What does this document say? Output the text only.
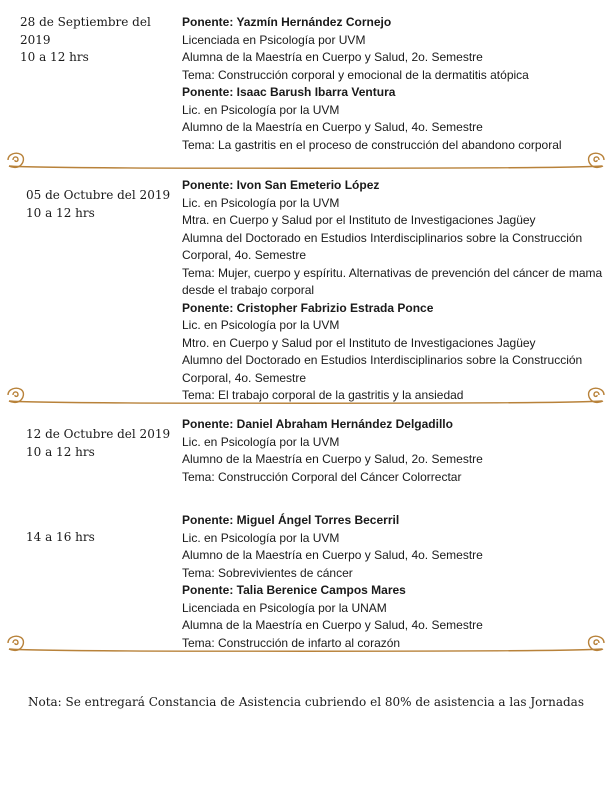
28 de Septiembre del 2019
10 a 12 hrs
Ponente: Yazmín Hernández Cornejo
Licenciada en Psicología por UVM
Alumna de la Maestría en Cuerpo y Salud, 2o. Semestre
Tema: Construcción corporal y emocional de la dermatitis atópica
Ponente: Isaac Barush Ibarra Ventura
Lic. en Psicología por la UVM
Alumno de la Maestría en Cuerpo y Salud, 4o. Semestre
Tema: La gastritis en el proceso de construcción del abandono corporal
05 de Octubre del 2019
10 a 12 hrs
Ponente: Ivon San Emeterio López
Lic. en Psicología por la UVM
Mtra. en Cuerpo y Salud por el Instituto de Investigaciones Jagüey
Alumna del Doctorado en Estudios Interdisciplinarios sobre la Construcción Corporal, 4o. Semestre
Tema: Mujer, cuerpo y espíritu. Alternativas de prevención del cáncer de mama desde el trabajo corporal
Ponente: Cristopher Fabrizio Estrada Ponce
Lic. en Psicología por la UVM
Mtro. en Cuerpo y Salud por el Instituto de Investigaciones Jagüey
Alumno del Doctorado en Estudios Interdisciplinarios sobre la Construcción Corporal, 4o. Semestre
Tema: El trabajo corporal de la gastritis y la ansiedad
12 de Octubre del 2019
10 a 12 hrs
Ponente: Daniel Abraham Hernández Delgadillo
Lic. en Psicología por la UVM
Alumno de la Maestría en Cuerpo y Salud, 2o. Semestre
Tema: Construcción Corporal del Cáncer Colorrectar
14 a 16 hrs
Ponente: Miguel Ángel Torres Becerril
Lic. en Psicología por la UVM
Alumno de la Maestría en Cuerpo y Salud, 4o. Semestre
Tema: Sobrevivientes de cáncer
Ponente: Talia Berenice Campos Mares
Licenciada en Psicología por la UNAM
Alumna de la Maestría en Cuerpo y Salud, 4o. Semestre
Tema: Construcción de infarto al corazón
Nota: Se entregará Constancia de Asistencia cubriendo el 80% de asistencia a las Jornadas
